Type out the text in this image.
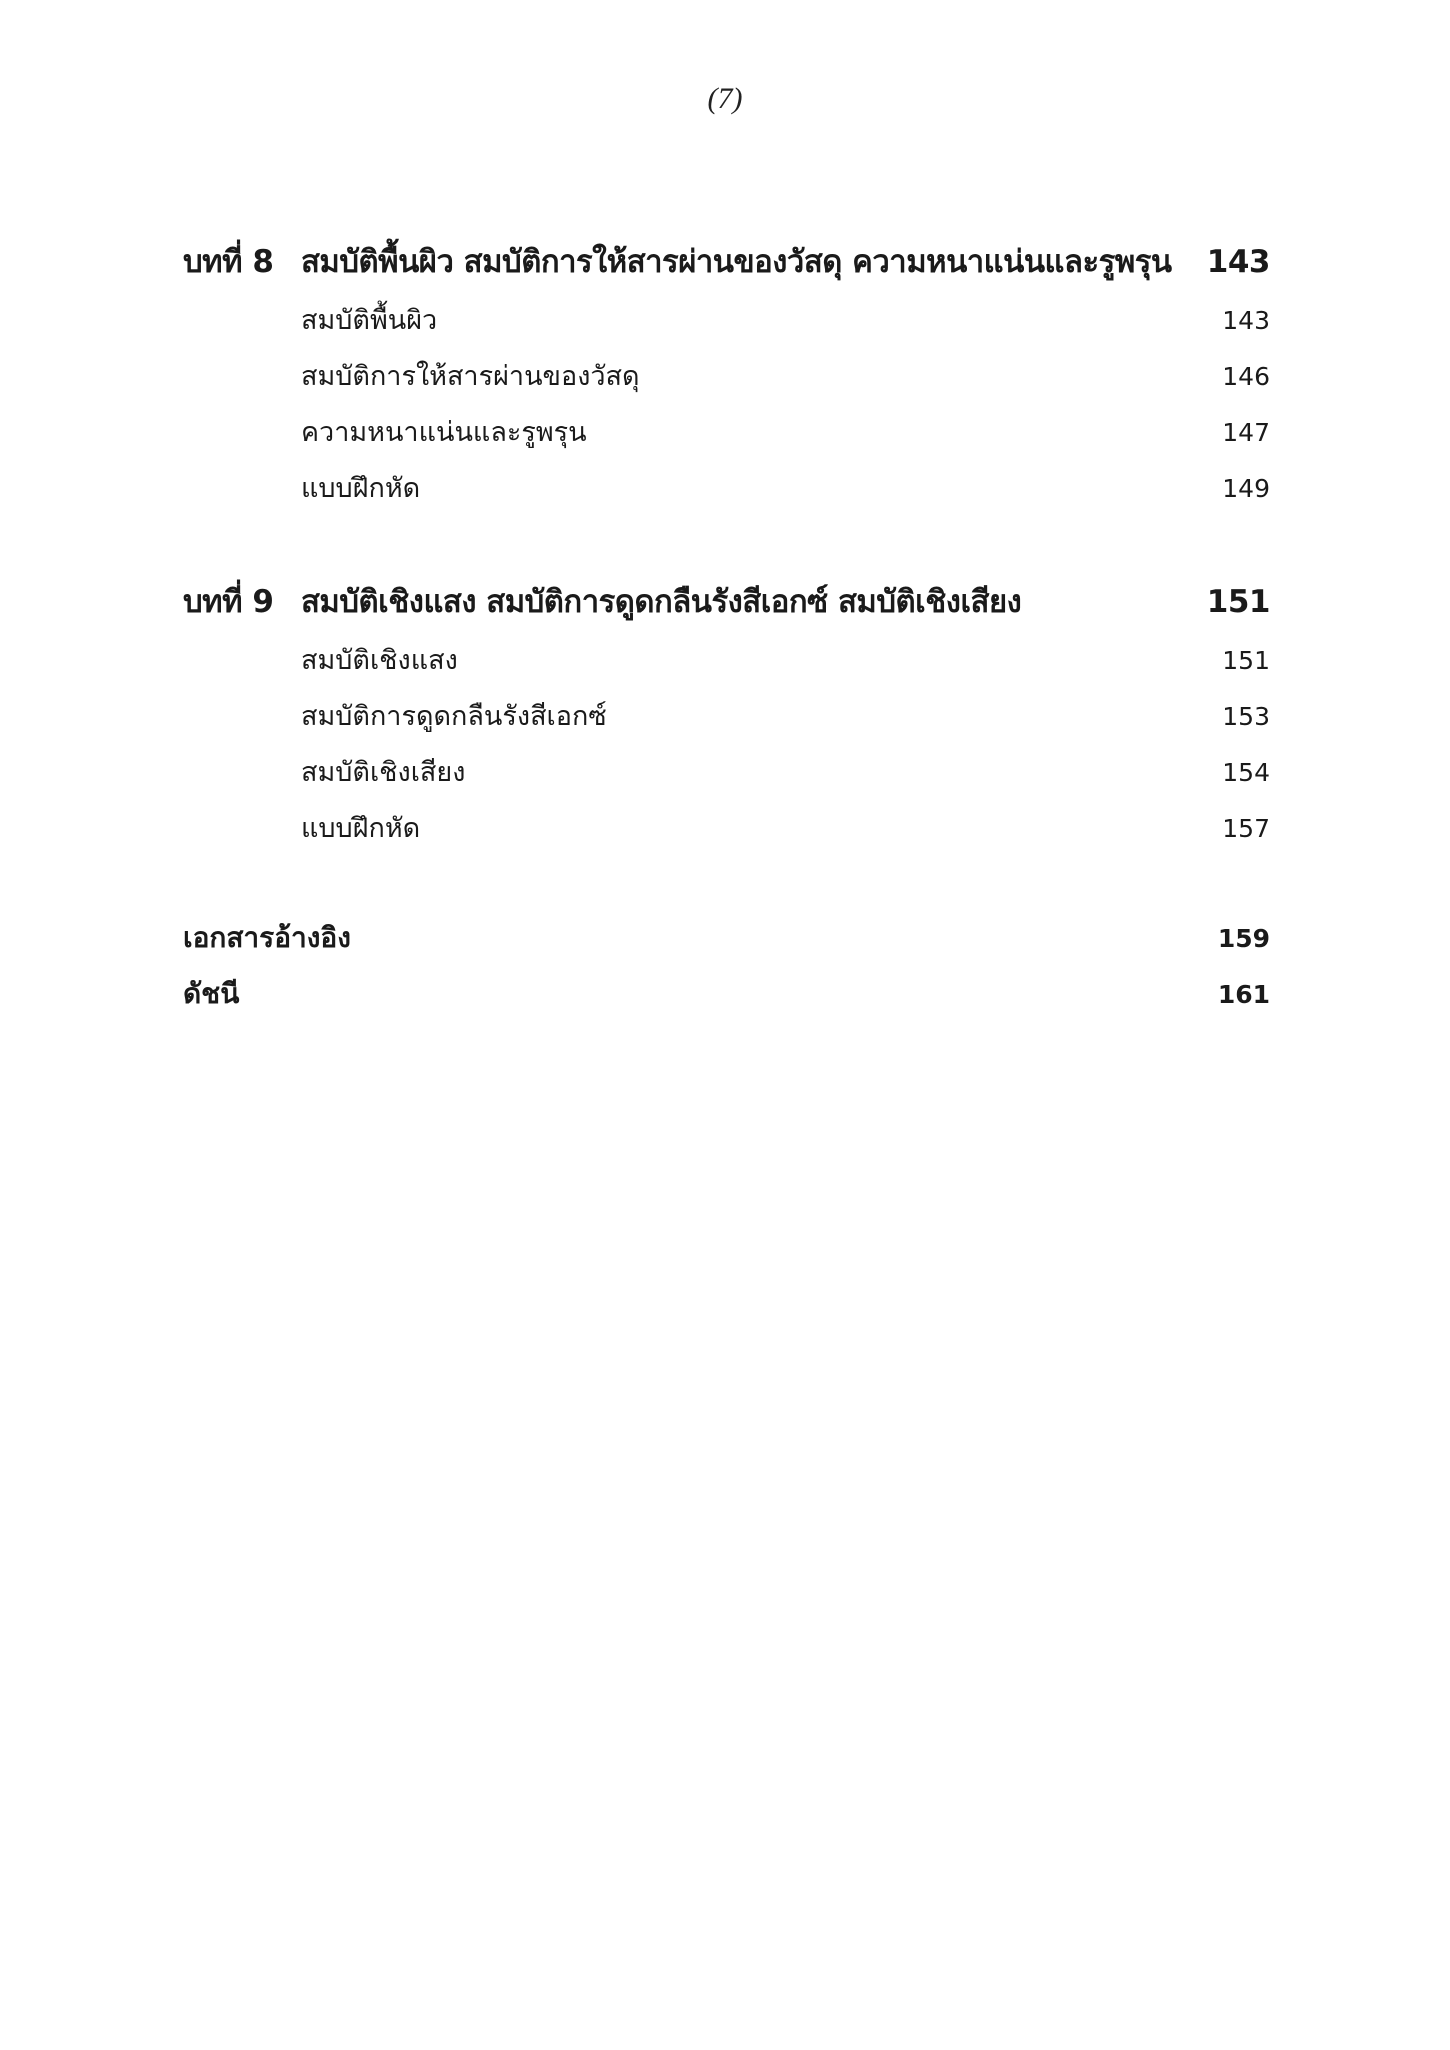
(7)
บทที่ 8 สมบัติพื้นผิว สมบัติการให้สารผ่านของวัสดุ ความหนาแน่นและรูพรุน 143
สมบัติพื้นผิว	143
สมบัติการให้สารผ่านของวัสดุ	146
ความหนาแน่นและรูพรุน	147
แบบฝึกหัด	149
บทที่ 9 สมบัติเชิงแสง สมบัติการดูดกลืนรังสีเอกซ์ สมบัติเชิงเสียง	151
สมบัติเชิงแสง	151
สมบัติการดูดกลืนรังสีเอกซ์	153
สมบัติเชิงเสียง	154
แบบฝึกหัด	157
เอกสารอ้างอิง	159
ดัชนี	161
